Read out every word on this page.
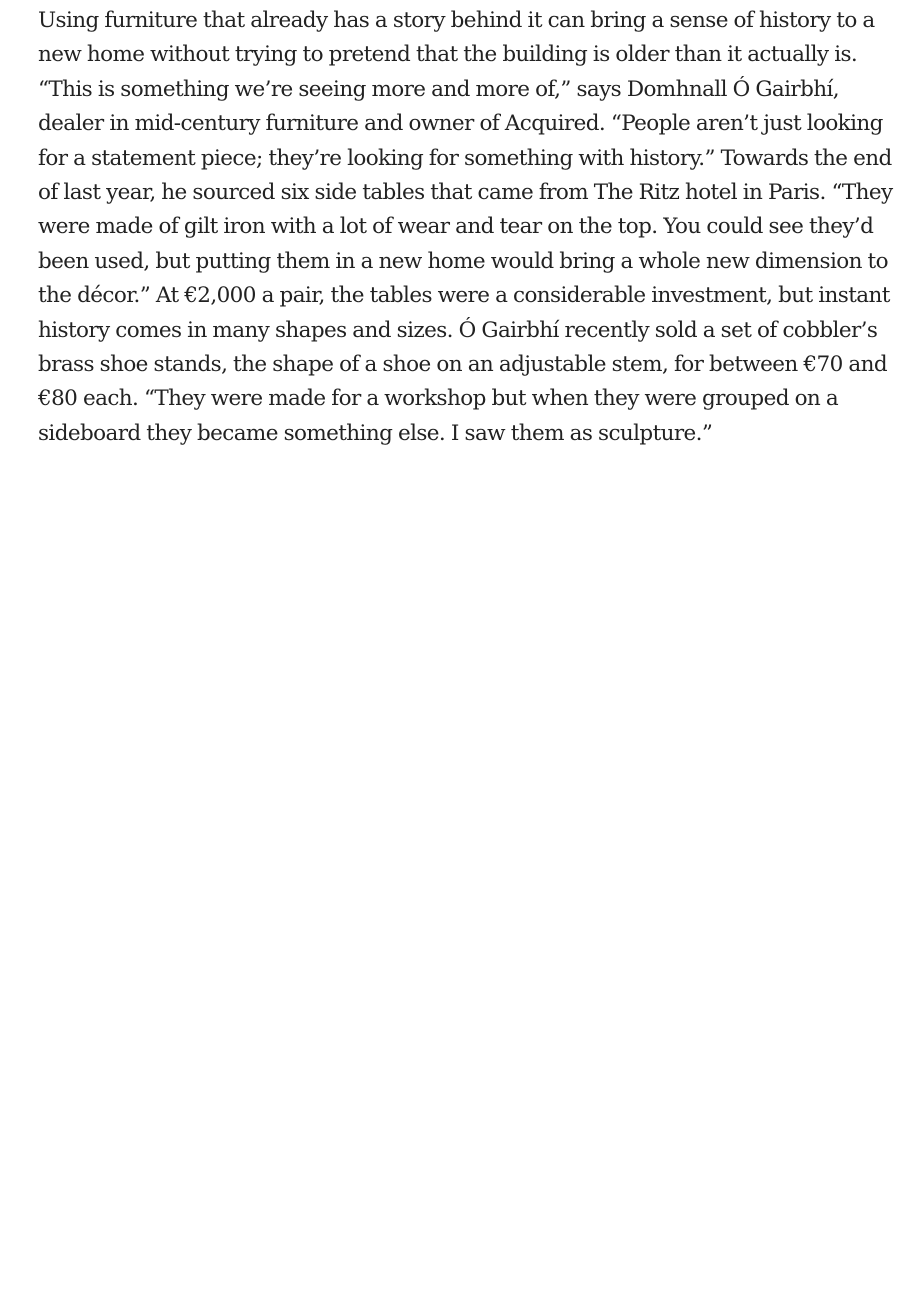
Using furniture that already has a story behind it can bring a sense of history to a
new home without trying to pretend that the building is older than it actually is.
“This is something we’re seeing more and more of,” says Domhnall Ó Gairbhí,
dealer in mid-century furniture and owner of Acquired. “People aren’t just looking
for a statement piece; they’re looking for something with history.” Towards the end
of last year, he sourced six side tables that came from The Ritz hotel in Paris. “They
were made of gilt iron with a lot of wear and tear on the top. You could see they’d
been used, but putting them in a new home would bring a whole new dimension to
the décor.” At €2,000 a pair, the tables were a considerable investment, but instant
history comes in many shapes and sizes. Ó Gairbhí recently sold a set of cobbler’s
brass shoe stands, the shape of a shoe on an adjustable stem, for between €70 and
€80 each. “They were made for a workshop but when they were grouped on a
sideboard they became something else. I saw them as sculpture.”
